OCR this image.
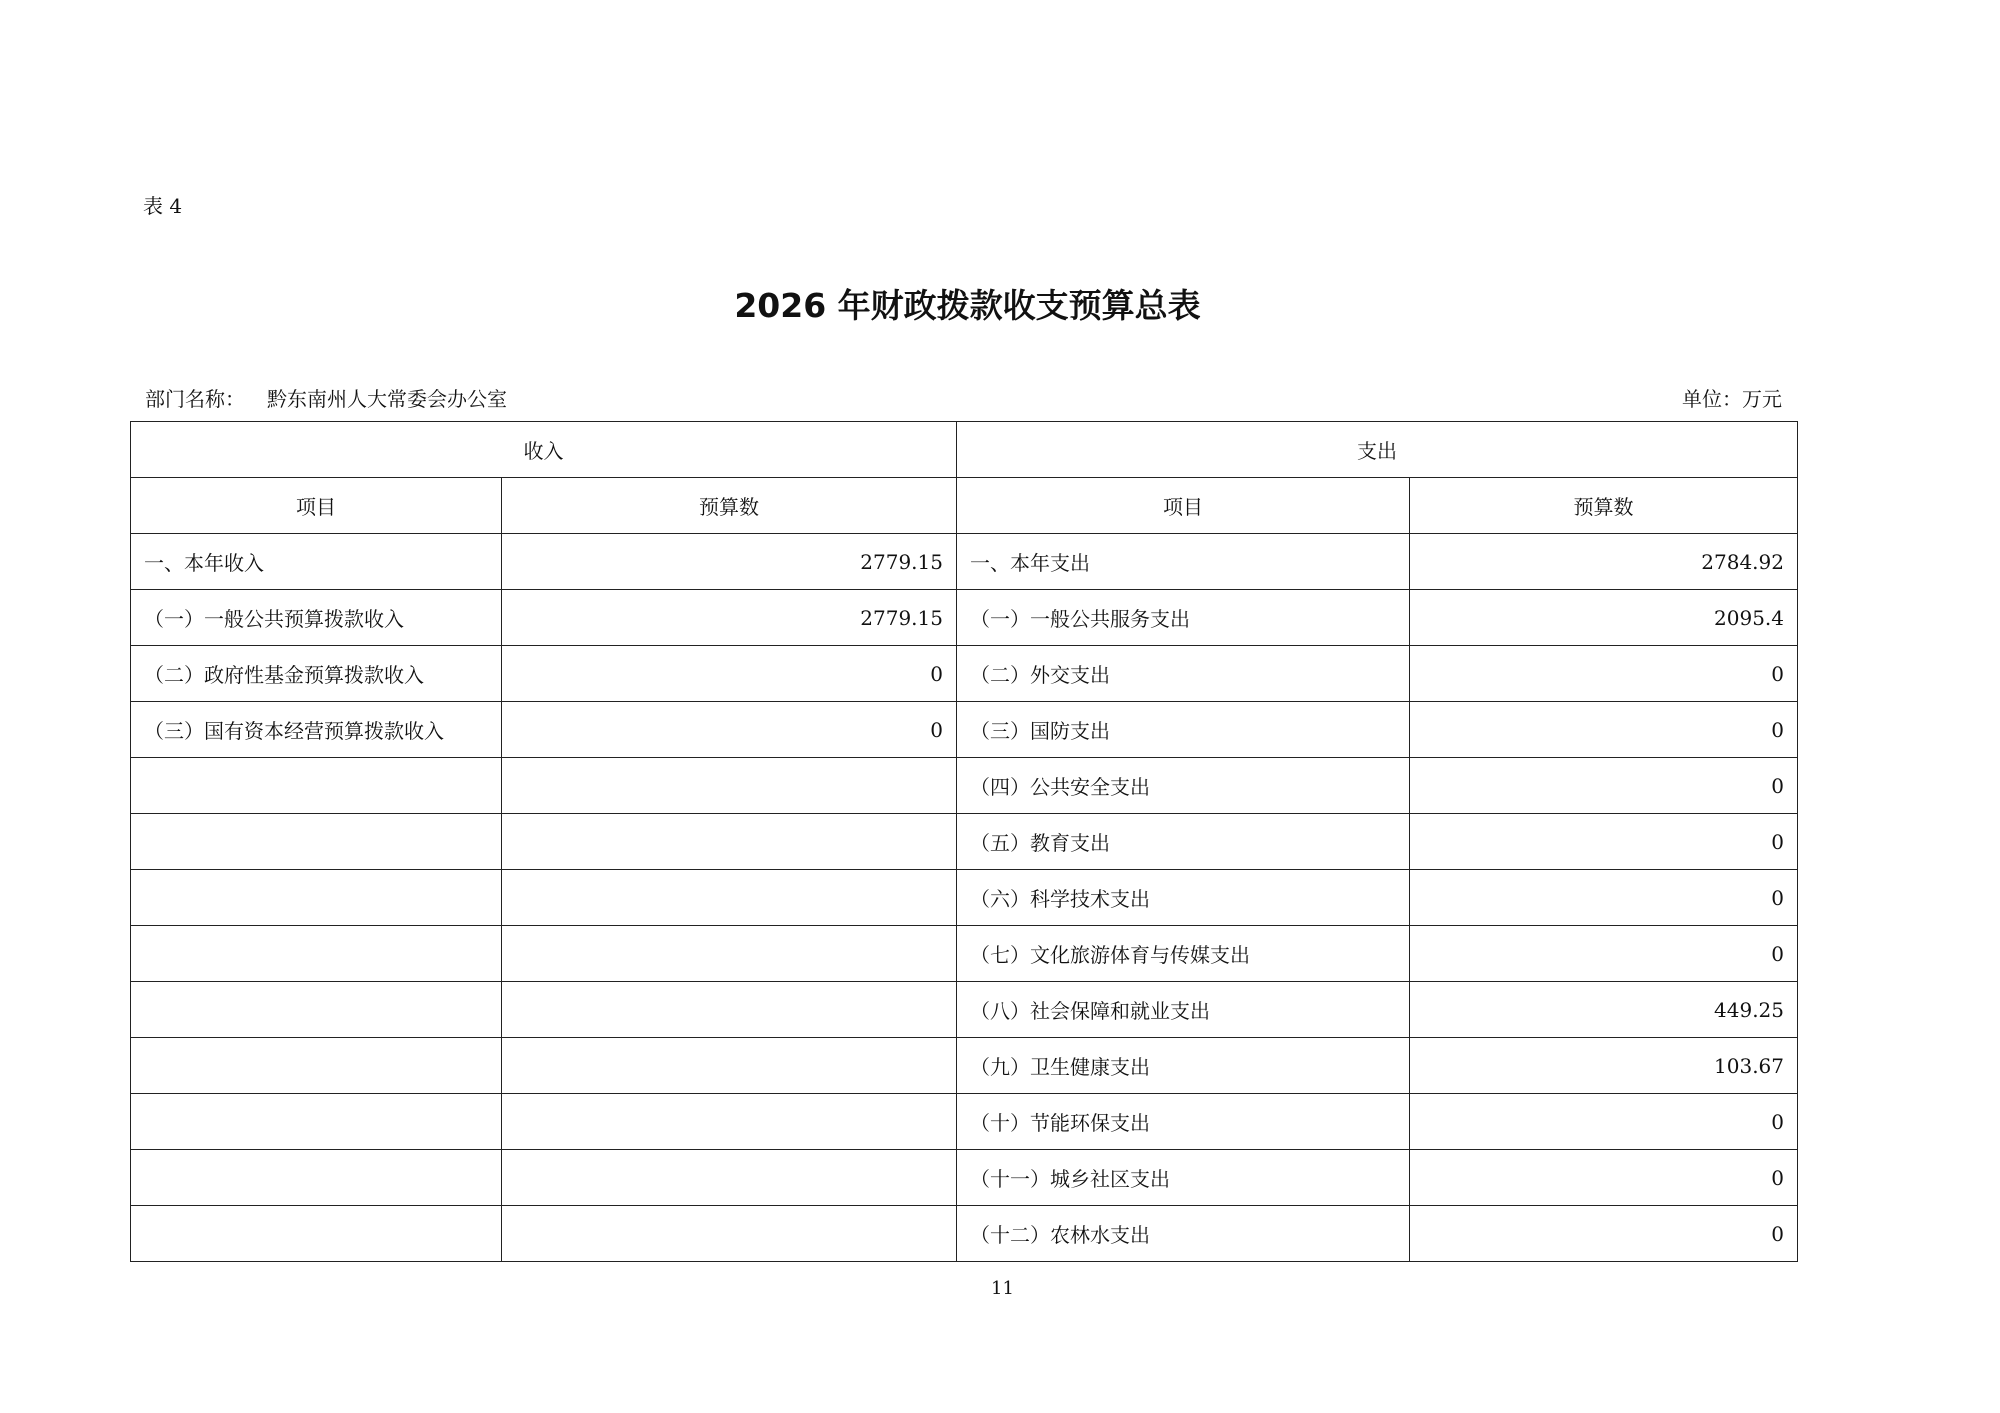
表 4
2026 年财政拨款收支预算总表
部门名称： 黔东南州人大常委会办公室	单位：万元
收入		支出	
项目	预算数	项目	预算数
一、本年收入	2779.15	一、本年支出	2784.92
（一）一般公共预算拨款收入	2779.15	（一）一般公共服务支出	2095.4
（二）政府性基金预算拨款收入	0	（二）外交支出	0
（三）国有资本经营预算拨款收入	0	（三）国防支出	0
		（四）公共安全支出	0
		（五）教育支出	0
		（六）科学技术支出	0
		（七）文化旅游体育与传媒支出	0
		（八）社会保障和就业支出	449.25
		（九）卫生健康支出	103.67
		（十）节能环保支出	0
		（十一）城乡社区支出	0
		（十二）农林水支出	0
11
